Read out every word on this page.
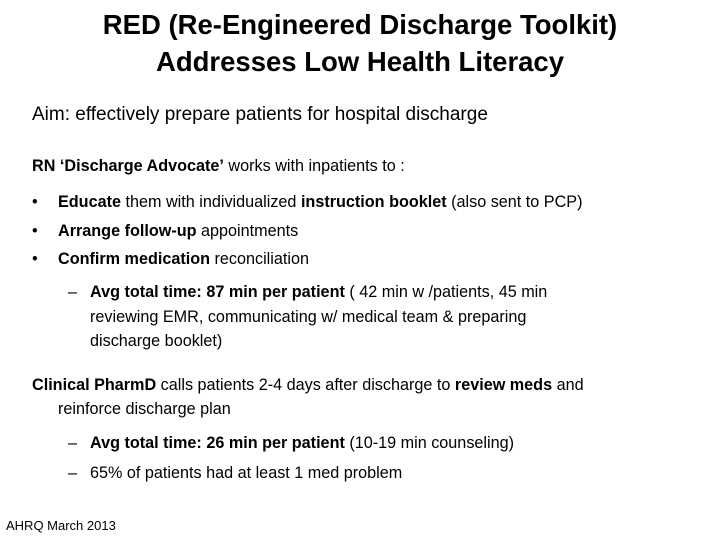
RED (Re-Engineered Discharge Toolkit)
Addresses Low Health Literacy
Aim: effectively prepare patients for hospital discharge
RN ‘Discharge Advocate’ works with inpatients to :
• Educate them with individualized instruction booklet (also sent to PCP)
• Arrange follow-up appointments
• Confirm medication reconciliation
– Avg total time: 87 min per patient ( 42 min w /patients, 45 min
reviewing EMR, communicating w/ medical team & preparing
discharge booklet)
Clinical PharmD calls patients 2-4 days after discharge to review meds and
reinforce discharge plan
– Avg total time: 26 min per patient (10-19 min counseling)
– 65% of patients had at least 1 med problem
AHRQ March 2013
